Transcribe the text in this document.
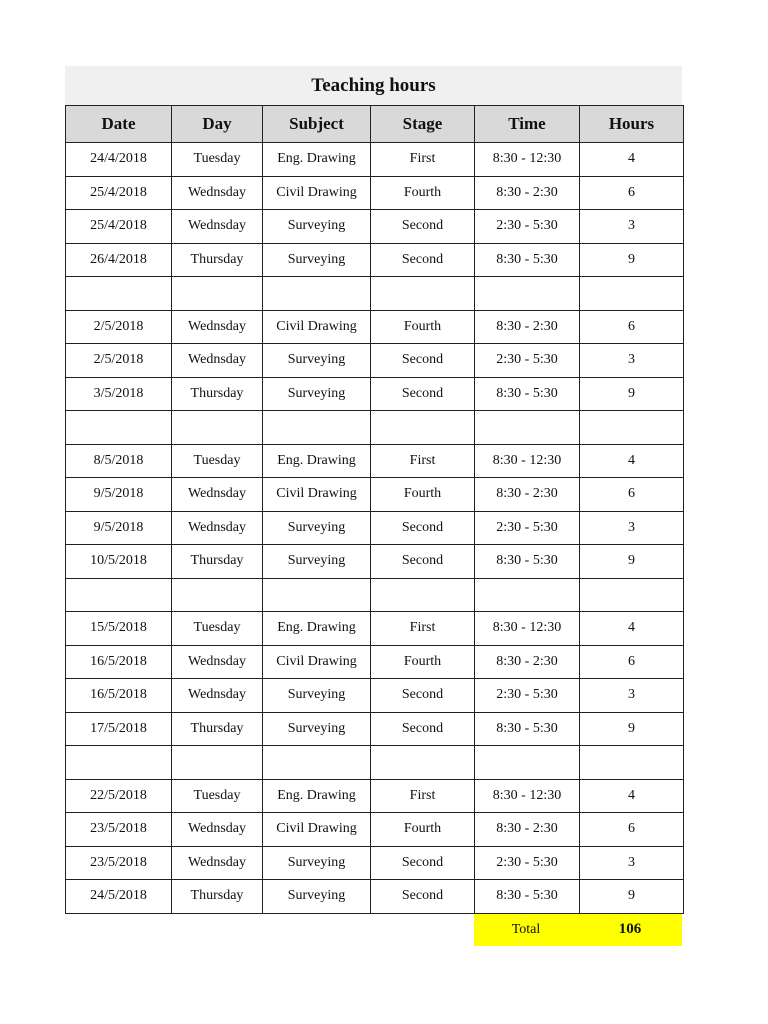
Teaching hours
Date	Day	Subject	Stage	Time	Hours
24/4/2018	Tuesday	Eng. Drawing	First	8:30 - 12:30	4
25/4/2018	Wednsday	Civil Drawing	Fourth	8:30 - 2:30	6
25/4/2018	Wednsday	Surveying	Second	2:30 - 5:30	3
26/4/2018	Thursday	Surveying	Second	8:30 - 5:30	9

2/5/2018	Wednsday	Civil Drawing	Fourth	8:30 - 2:30	6
2/5/2018	Wednsday	Surveying	Second	2:30 - 5:30	3
3/5/2018	Thursday	Surveying	Second	8:30 - 5:30	9

8/5/2018	Tuesday	Eng. Drawing	First	8:30 - 12:30	4
9/5/2018	Wednsday	Civil Drawing	Fourth	8:30 - 2:30	6
9/5/2018	Wednsday	Surveying	Second	2:30 - 5:30	3
10/5/2018	Thursday	Surveying	Second	8:30 - 5:30	9

15/5/2018	Tuesday	Eng. Drawing	First	8:30 - 12:30	4
16/5/2018	Wednsday	Civil Drawing	Fourth	8:30 - 2:30	6
16/5/2018	Wednsday	Surveying	Second	2:30 - 5:30	3
17/5/2018	Thursday	Surveying	Second	8:30 - 5:30	9

22/5/2018	Tuesday	Eng. Drawing	First	8:30 - 12:30	4
23/5/2018	Wednsday	Civil Drawing	Fourth	8:30 - 2:30	6
23/5/2018	Wednsday	Surveying	Second	2:30 - 5:30	3
24/5/2018	Thursday	Surveying	Second	8:30 - 5:30	9
Total	106
